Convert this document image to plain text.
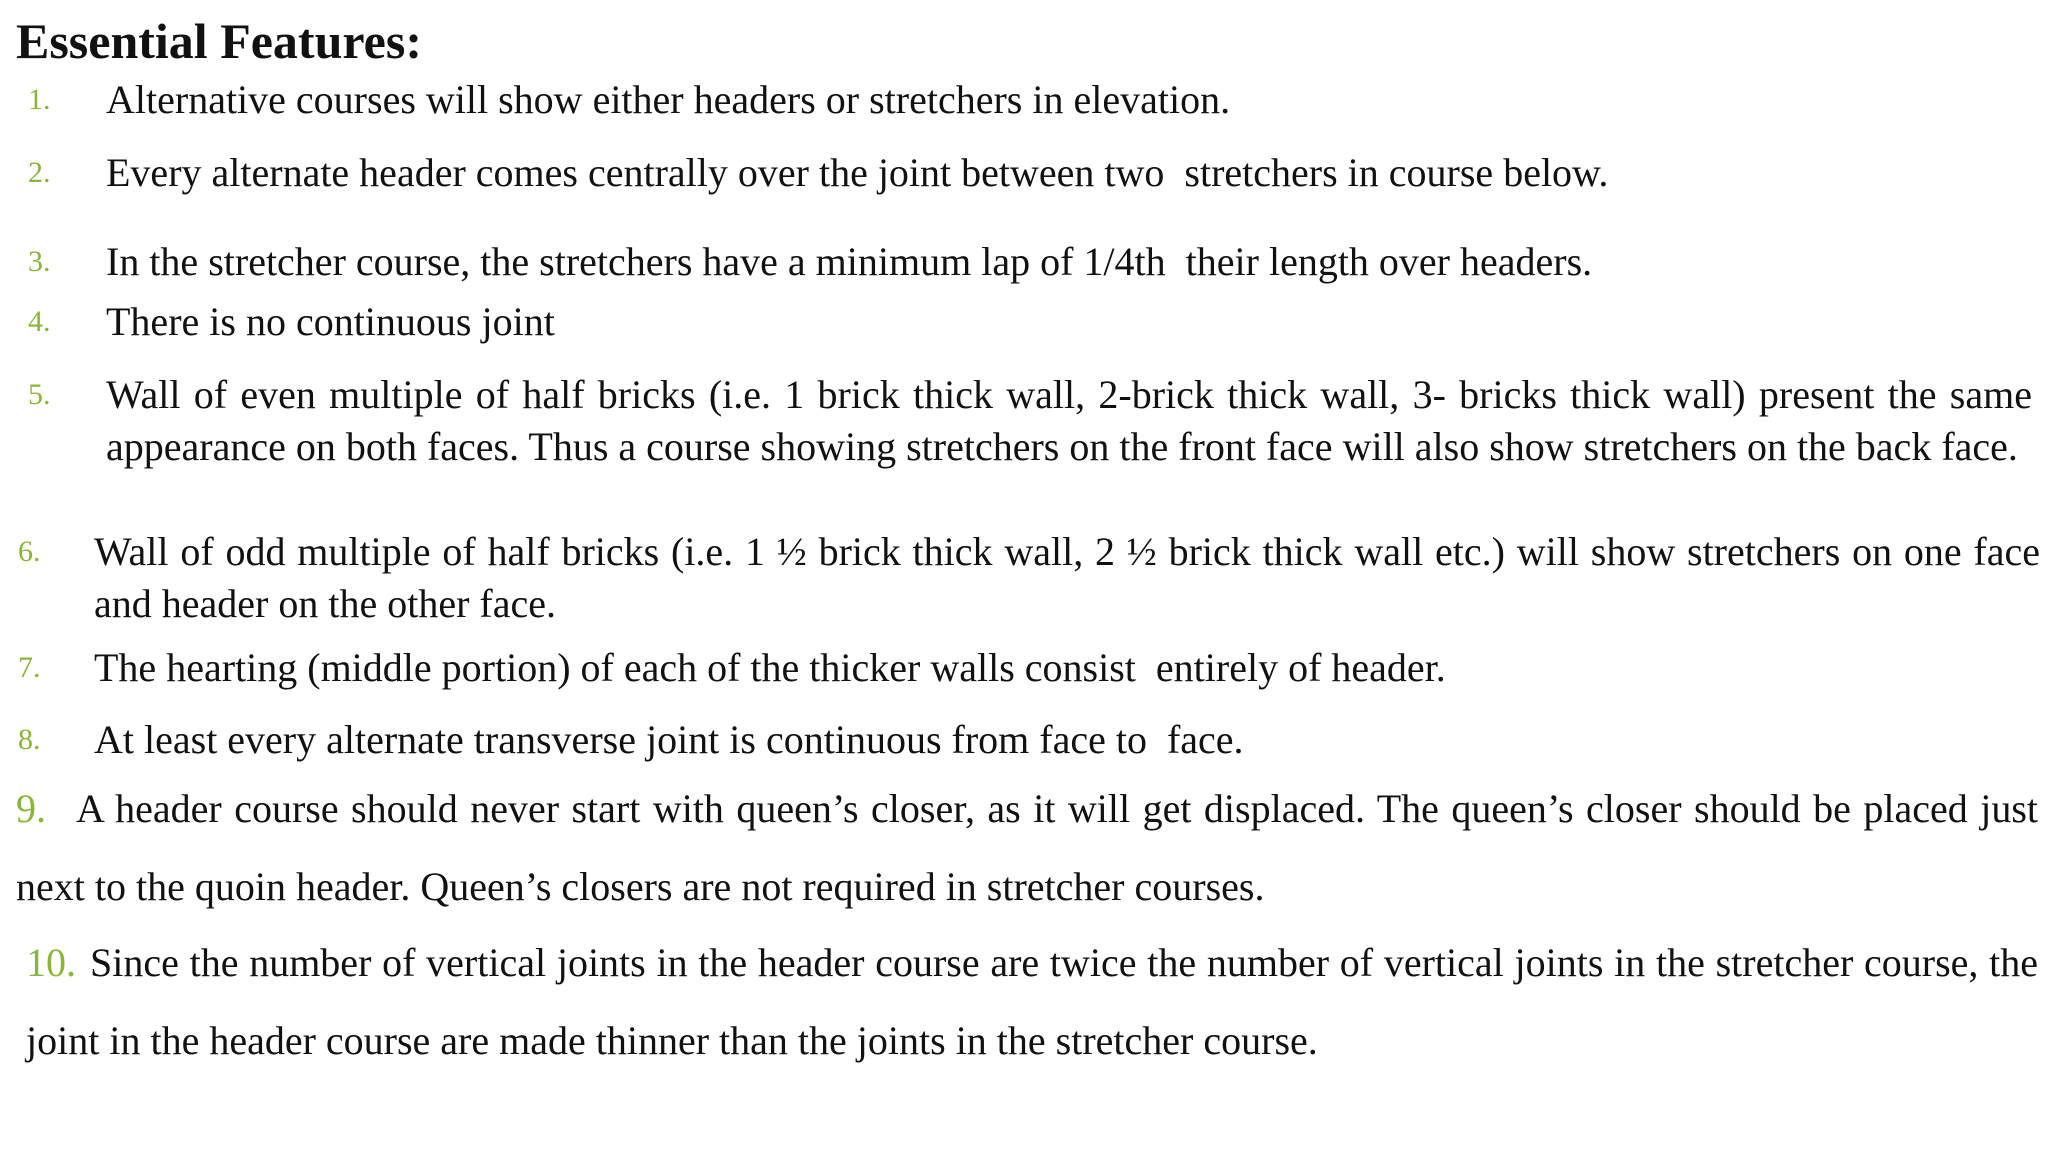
Essential Features:
1. Alternative courses will show either headers or stretchers in elevation.
2. Every alternate header comes centrally over the joint between two  stretchers in course below.
3. In the stretcher course, the stretchers have a minimum lap of 1/4th  their length over headers.
4. There is no continuous joint
5. Wall of even multiple of half bricks (i.e. 1 brick thick wall, 2-brick thick wall, 3- bricks thick wall) present the same appearance on both faces. Thus a course showing stretchers on the front face will also show stretchers on the back face.
6. Wall of odd multiple of half bricks (i.e. 1 ½ brick thick wall, 2 ½ brick thick wall etc.) will show stretchers on one face and header on the other face.
7. The hearting (middle portion) of each of the thicker walls consist  entirely of header.
8. At least every alternate transverse joint is continuous from face to  face.
9. A header course should never start with queen’s closer, as it will get displaced. The queen’s closer should be placed just next to the quoin header. Queen’s closers are not required in stretcher courses.
10. Since the number of vertical joints in the header course are twice the number of vertical joints in the stretcher course, the joint in the header course are made thinner than the joints in the stretcher course.
